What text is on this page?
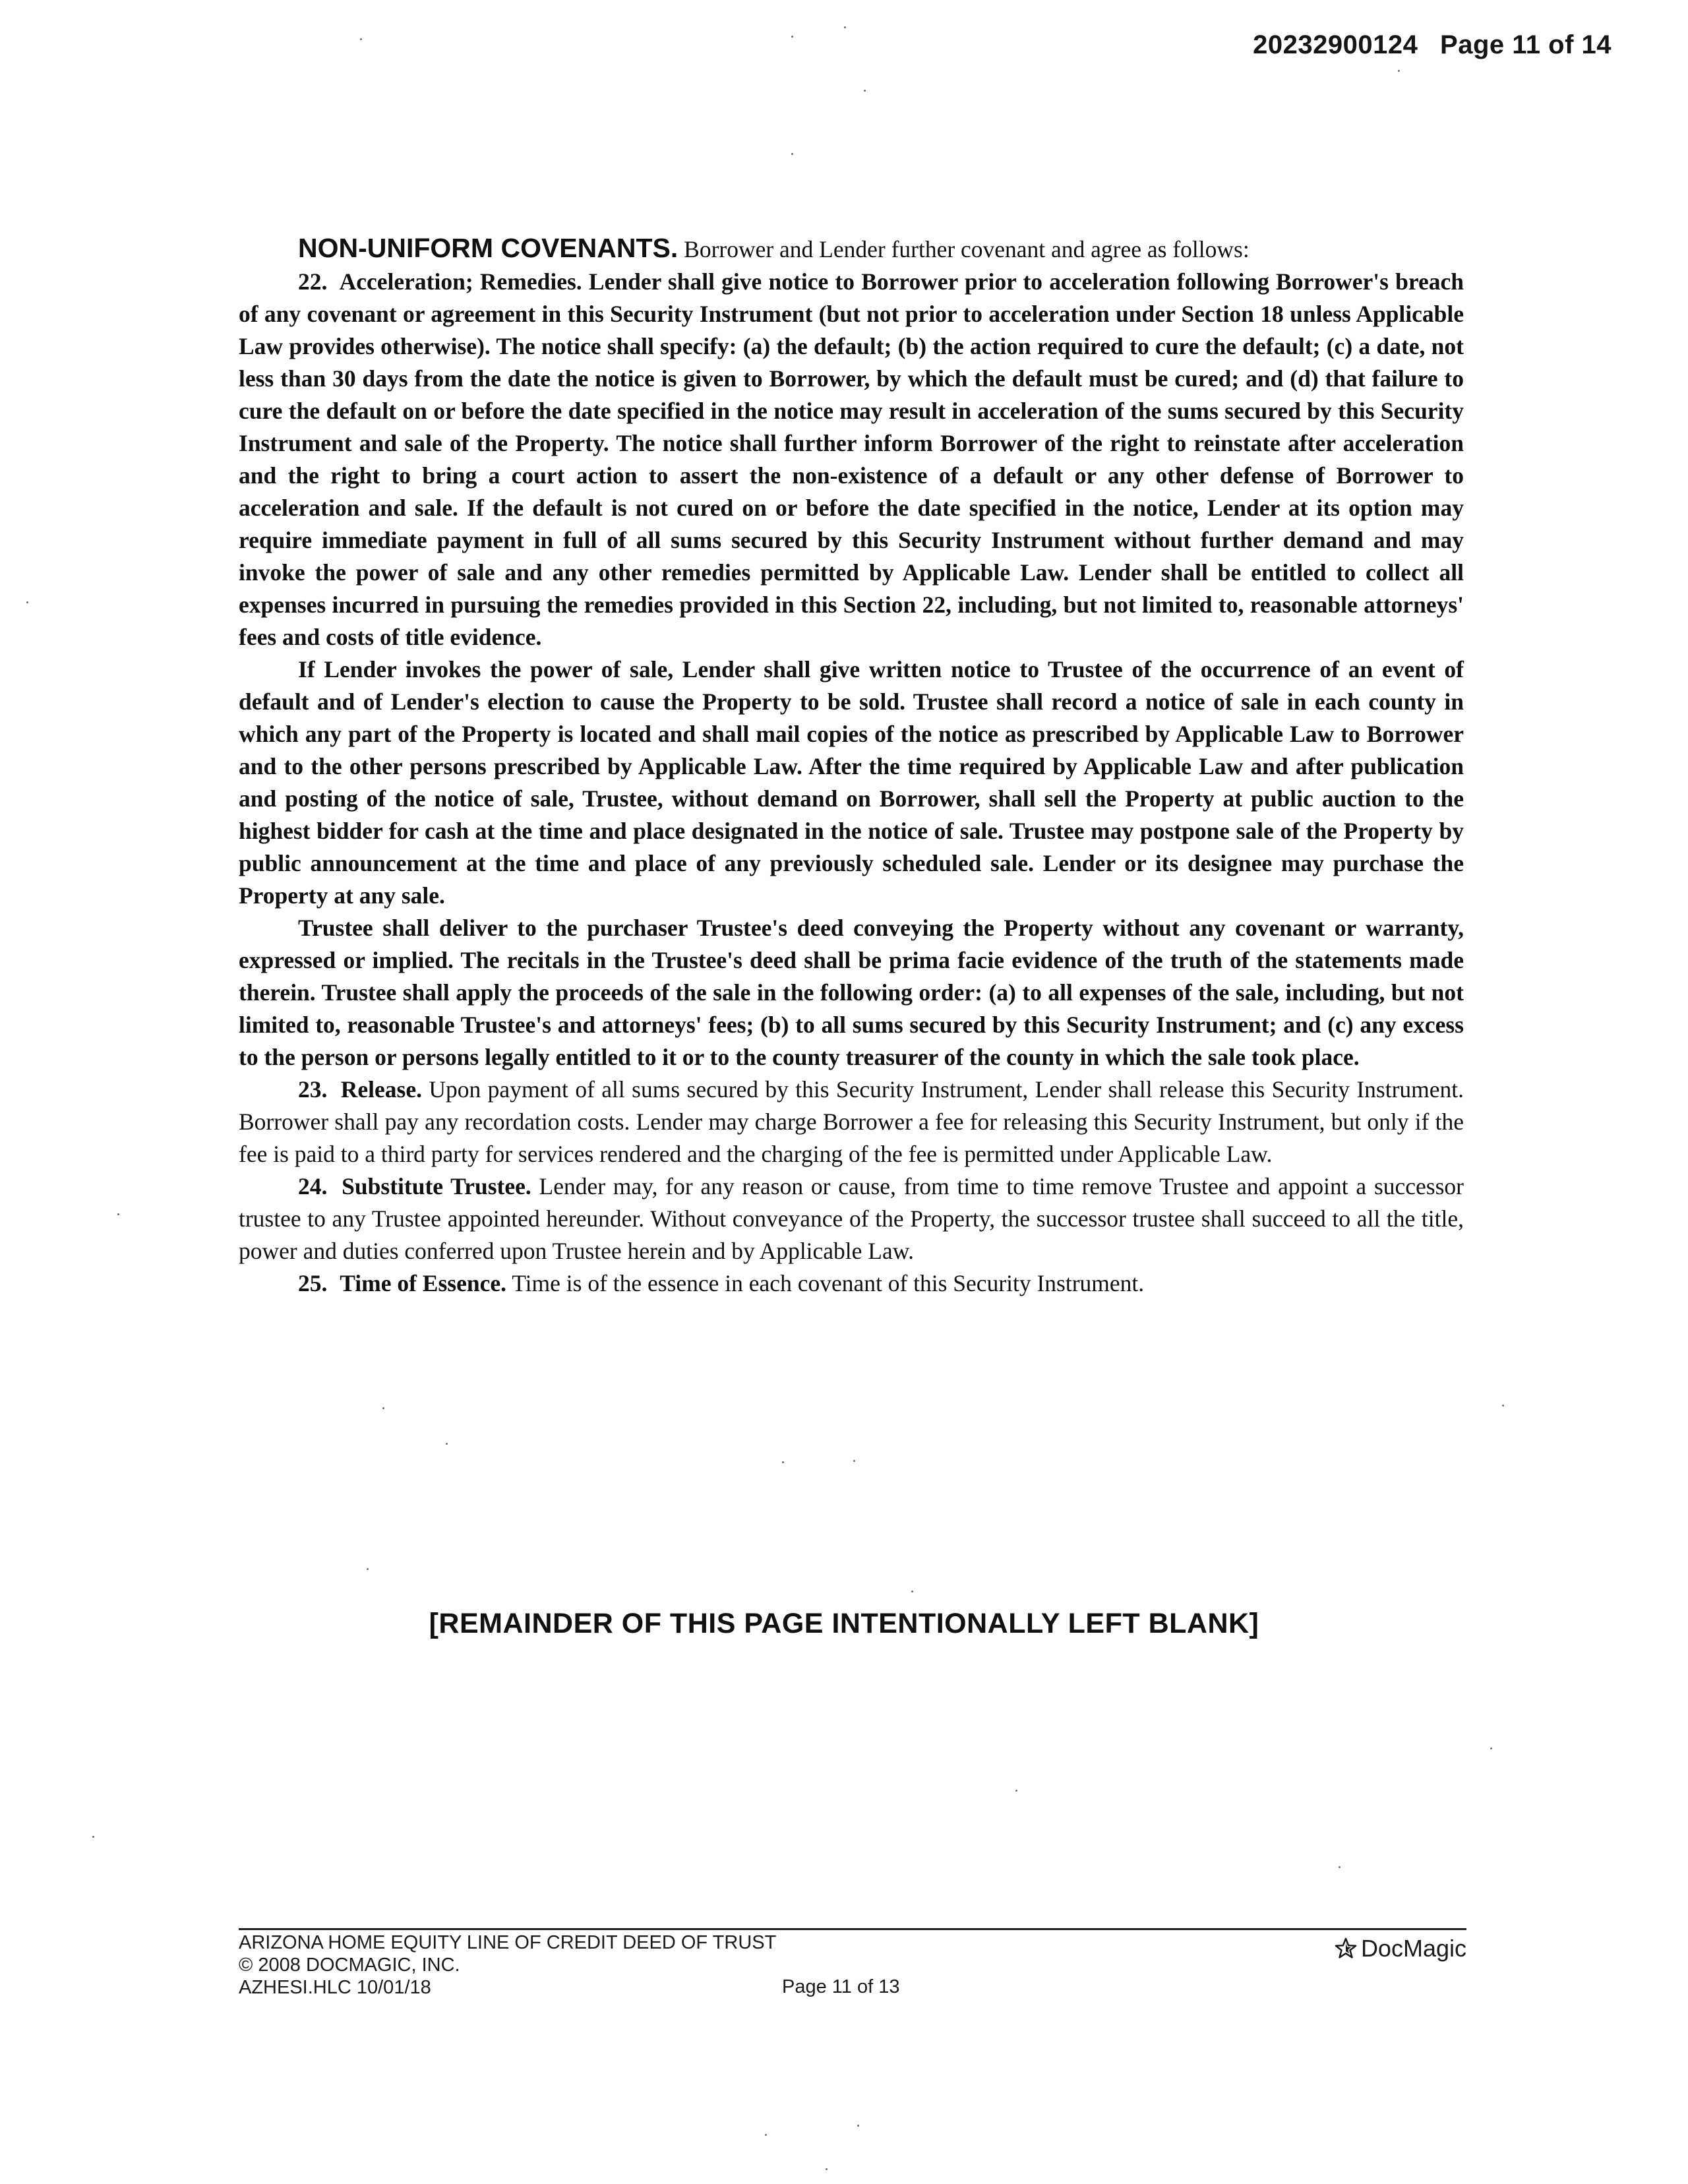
20232900124 Page 11 of 14

NON-UNIFORM COVENANTS. Borrower and Lender further covenant and agree as follows:

22. Acceleration; Remedies. Lender shall give notice to Borrower prior to acceleration following Borrower's breach of any covenant or agreement in this Security Instrument (but not prior to acceleration under Section 18 unless Applicable Law provides otherwise). The notice shall specify: (a) the default; (b) the action required to cure the default; (c) a date, not less than 30 days from the date the notice is given to Borrower, by which the default must be cured; and (d) that failure to cure the default on or before the date specified in the notice may result in acceleration of the sums secured by this Security Instrument and sale of the Property. The notice shall further inform Borrower of the right to reinstate after acceleration and the right to bring a court action to assert the non-existence of a default or any other defense of Borrower to acceleration and sale. If the default is not cured on or before the date specified in the notice, Lender at its option may require immediate payment in full of all sums secured by this Security Instrument without further demand and may invoke the power of sale and any other remedies permitted by Applicable Law. Lender shall be entitled to collect all expenses incurred in pursuing the remedies provided in this Section 22, including, but not limited to, reasonable attorneys' fees and costs of title evidence.

If Lender invokes the power of sale, Lender shall give written notice to Trustee of the occurrence of an event of default and of Lender's election to cause the Property to be sold. Trustee shall record a notice of sale in each county in which any part of the Property is located and shall mail copies of the notice as prescribed by Applicable Law to Borrower and to the other persons prescribed by Applicable Law. After the time required by Applicable Law and after publication and posting of the notice of sale, Trustee, without demand on Borrower, shall sell the Property at public auction to the highest bidder for cash at the time and place designated in the notice of sale. Trustee may postpone sale of the Property by public announcement at the time and place of any previously scheduled sale. Lender or its designee may purchase the Property at any sale.

Trustee shall deliver to the purchaser Trustee's deed conveying the Property without any covenant or warranty, expressed or implied. The recitals in the Trustee's deed shall be prima facie evidence of the truth of the statements made therein. Trustee shall apply the proceeds of the sale in the following order: (a) to all expenses of the sale, including, but not limited to, reasonable Trustee's and attorneys' fees; (b) to all sums secured by this Security Instrument; and (c) any excess to the person or persons legally entitled to it or to the county treasurer of the county in which the sale took place.

23. Release. Upon payment of all sums secured by this Security Instrument, Lender shall release this Security Instrument. Borrower shall pay any recordation costs. Lender may charge Borrower a fee for releasing this Security Instrument, but only if the fee is paid to a third party for services rendered and the charging of the fee is permitted under Applicable Law.

24. Substitute Trustee. Lender may, for any reason or cause, from time to time remove Trustee and appoint a successor trustee to any Trustee appointed hereunder. Without conveyance of the Property, the successor trustee shall succeed to all the title, power and duties conferred upon Trustee herein and by Applicable Law.

25. Time of Essence. Time is of the essence in each covenant of this Security Instrument.

[REMAINDER OF THIS PAGE INTENTIONALLY LEFT BLANK]
ARIZONA HOME EQUITY LINE OF CREDIT DEED OF TRUST
© 2008 DOCMAGIC, INC.
AZHESI.HLC 10/01/18	Page 11 of 13
DocMagic
